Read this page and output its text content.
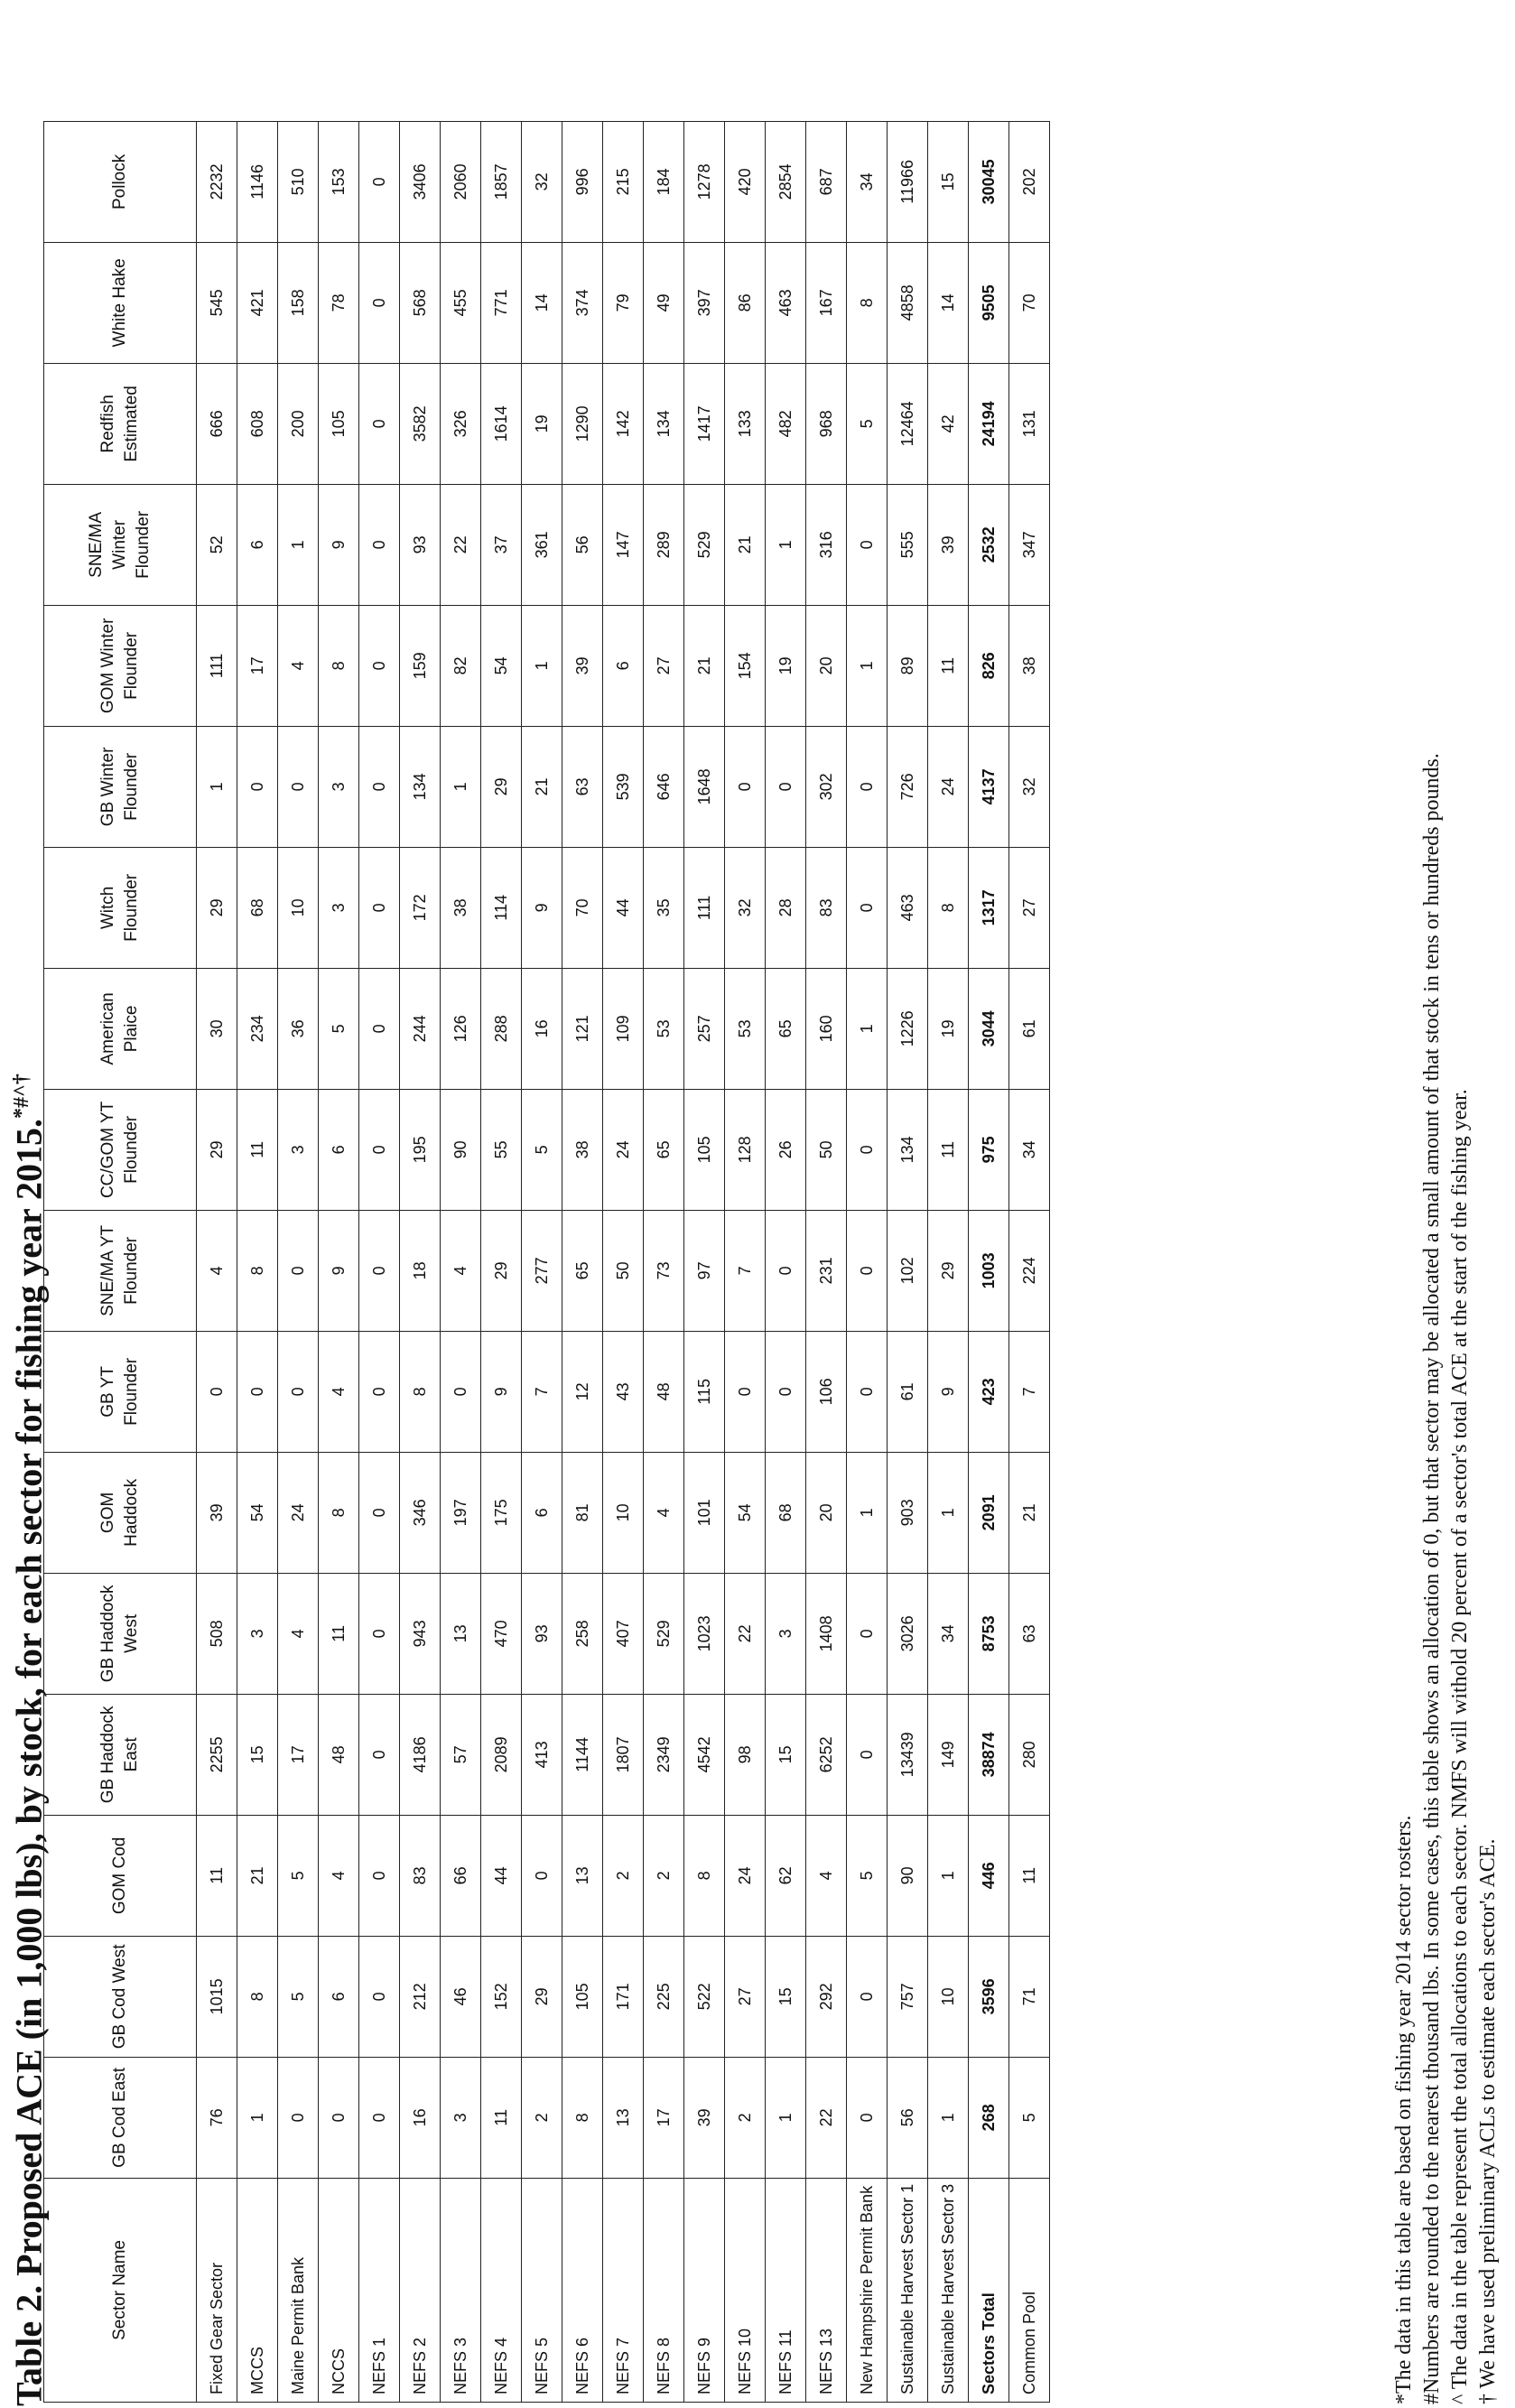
Table 2. Proposed ACE (in 1,000 lbs), by stock, for each sector for fishing year 2015.*#^†
Sector Name	GB Cod East	GB Cod West	GOM Cod	GB Haddock East	GB Haddock West	GOM Haddock	GB YT Flounder	SNE/MA YT Flounder	CC/GOM YT Flounder	American Plaice	Witch Flounder	GB Winter Flounder	GOM Winter Flounder	SNE/MA Winter Flounder	Redfish Estimated	White Hake	Pollock
Fixed Gear Sector	76	1015	11	2255	508	39	0	4	29	30	29	1	111	52	666	545	2232
MCCS	1	8	21	15	3	54	0	8	11	234	68	0	17	6	608	421	1146
Maine Permit Bank	0	5	5	17	4	24	0	0	3	36	10	0	4	1	200	158	510
NCCS	0	6	4	48	11	8	4	9	6	5	3	3	8	9	105	78	153
NEFS 1	0	0	0	0	0	0	0	0	0	0	0	0	0	0	0	0	0
NEFS 2	16	212	83	4186	943	346	8	18	195	244	172	134	159	93	3582	568	3406
NEFS 3	3	46	66	57	13	197	0	4	90	126	38	1	82	22	326	455	2060
NEFS 4	11	152	44	2089	470	175	9	29	55	288	114	29	54	37	1614	771	1857
NEFS 5	2	29	0	413	93	6	7	277	5	16	9	21	1	361	19	14	32
NEFS 6	8	105	13	1144	258	81	12	65	38	121	70	63	39	56	1290	374	996
NEFS 7	13	171	2	1807	407	10	43	50	24	109	44	539	6	147	142	79	215
NEFS 8	17	225	2	2349	529	4	48	73	65	53	35	646	27	289	134	49	184
NEFS 9	39	522	8	4542	1023	101	115	97	105	257	111	1648	21	529	1417	397	1278
NEFS 10	2	27	24	98	22	54	0	7	128	53	32	0	154	21	133	86	420
NEFS 11	1	15	62	15	3	68	0	0	26	65	28	0	19	1	482	463	2854
NEFS 13	22	292	4	6252	1408	20	106	231	50	160	83	302	20	316	968	167	687
New Hampshire Permit Bank	0	0	5	0	0	1	0	0	0	1	0	0	1	0	5	8	34
Sustainable Harvest Sector 1	56	757	90	13439	3026	903	61	102	134	1226	463	726	89	555	12464	4858	11966
Sustainable Harvest Sector 3	1	10	1	149	34	1	9	29	11	19	8	24	11	39	42	14	15
Sectors Total	268	3596	446	38874	8753	2091	423	1003	975	3044	1317	4137	826	2532	24194	9505	30045
Common Pool	5	71	11	280	63	21	7	224	34	61	27	32	38	347	131	70	202

*The data in this table are based on fishing year 2014 sector rosters. #Numbers are rounded to the nearest thousand lbs. In some cases, this table shows an allocation of 0, but that sector may be allocated a small amount of that stock in tens or hundreds pounds. ^ The data in the table represent the total allocations to each sector. NMFS will withold 20 percent of a sector's total ACE at the start of the fishing year. † We have used preliminary ACLs to estimate each sector's ACE.
